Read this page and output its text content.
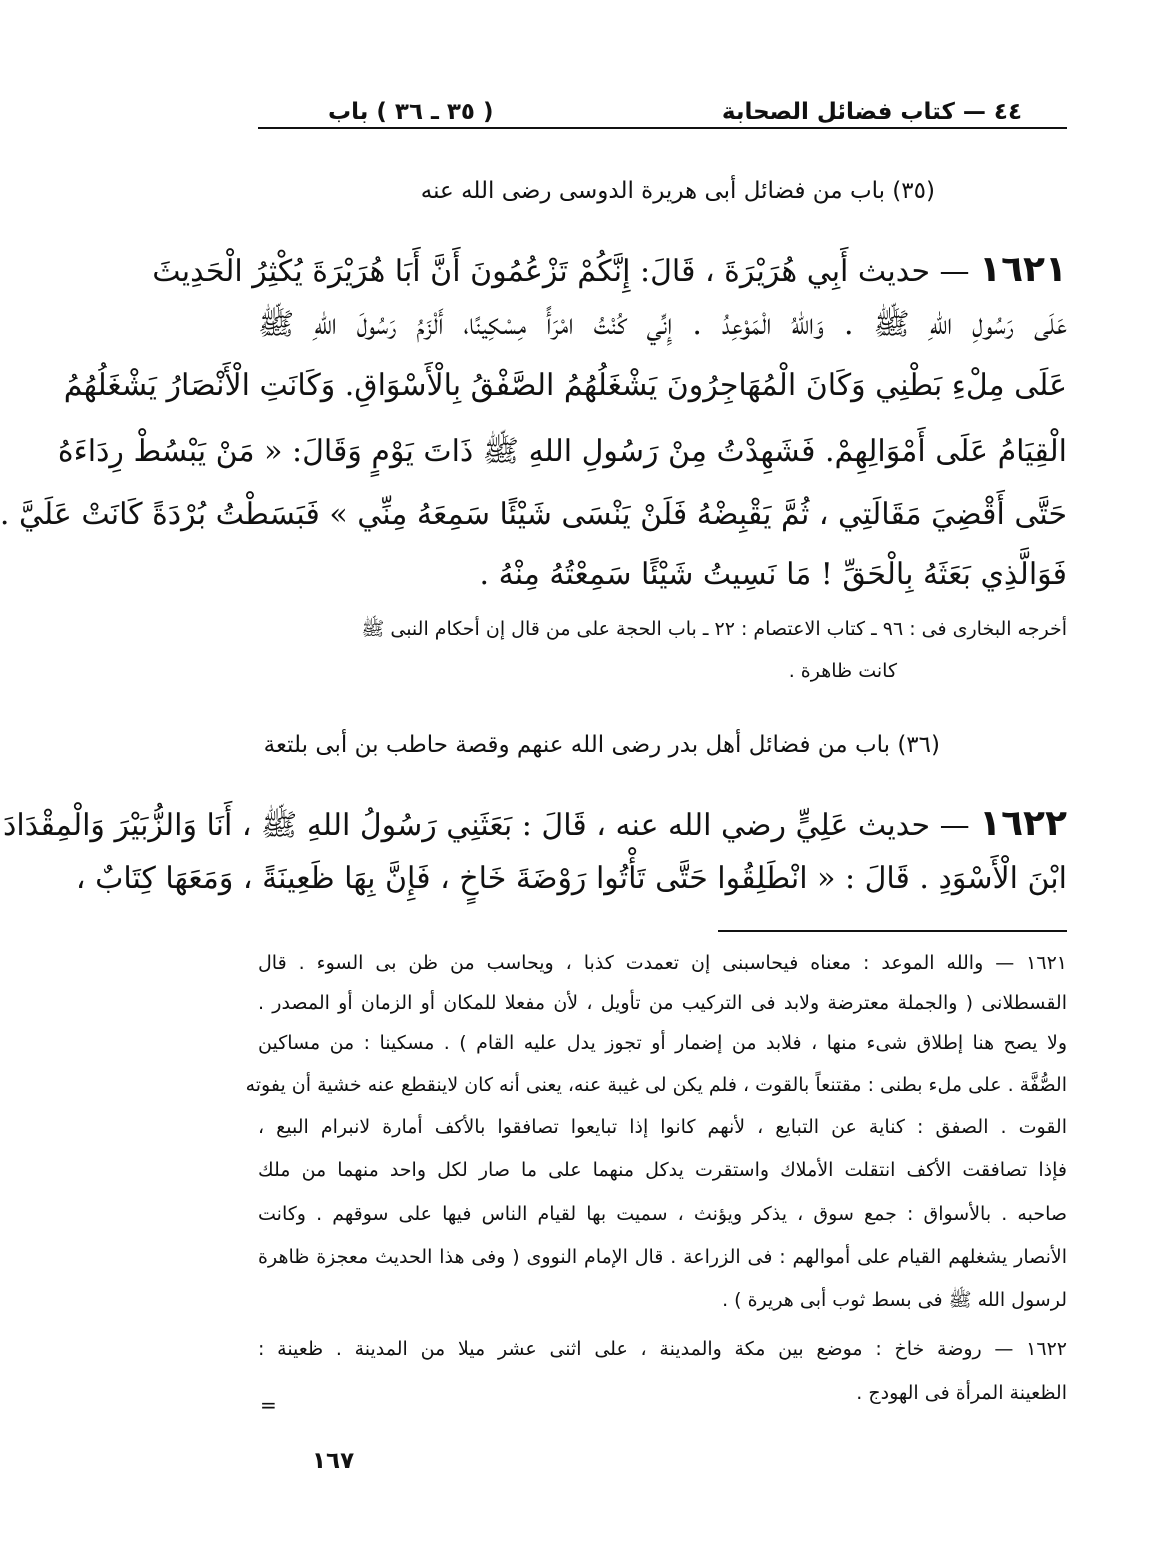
٤٤ — كتاب فضائل الصحابة
( ٣٥ ـ ٣٦ ) باب
(٣٥) باب من فضائل أبى هريرة الدوسى رضى الله عنه
١٦٢١ — حديث أَبِي هُرَيْرَةَ ، قَالَ: إِنَّكُمْ تَزْعُمُونَ أَنَّ أَبَا هُرَيْرَةَ يُكْثِرُ الْحَدِيثَ
عَلَى رَسُولِ اللهِ ﷺ . وَاللهُ الْمَوْعِدُ . إِنِّي كُنْتُ امْرَأً مِسْكِينًا، أَلْزَمُ رَسُولَ اللهِ ﷺ
عَلَى مِلْءِ بَطْنِي وَكَانَ الْمُهَاجِرُونَ يَشْغَلُهُمُ الصَّفْقُ بِالْأَسْوَاقِ. وَكَانَتِ الْأَنْصَارُ يَشْغَلُهُمُ
الْقِيَامُ عَلَى أَمْوَالِهِمْ. فَشَهِدْتُ مِنْ رَسُولِ اللهِ ﷺ ذَاتَ يَوْمٍ وَقَالَ: « مَنْ يَبْسُطْ رِدَاءَهُ
حَتَّى أَقْضِيَ مَقَالَتِي ، ثُمَّ يَقْبِضْهُ فَلَنْ يَنْسَى شَيْئًا سَمِعَهُ مِنِّي » فَبَسَطْتُ بُرْدَةً كَانَتْ عَلَيَّ .
فَوَالَّذِي بَعَثَهُ بِالْحَقِّ ! مَا نَسِيتُ شَيْئًا سَمِعْتُهُ مِنْهُ .
أخرجه البخارى فى : ٩٦ ـ كتاب الاعتصام : ٢٢ ـ باب الحجة على من قال إن أحكام النبى ﷺ
كانت ظاهرة .
(٣٦) باب من فضائل أهل بدر رضى الله عنهم وقصة حاطب بن أبى بلتعة
١٦٢٢ — حديث عَلِيٍّ رضي الله عنه ، قَالَ : بَعَثَنِي رَسُولُ اللهِ ﷺ ، أَنَا وَالزُّبَيْرَ وَالْمِقْدَادَ
ابْنَ الْأَسْوَدِ . قَالَ : « انْطَلِقُوا حَتَّى تَأْتُوا رَوْضَةَ خَاخٍ ، فَإِنَّ بِهَا ظَعِينَةً ، وَمَعَهَا كِتَابٌ ،
١٦٢١ — والله الموعد : معناه فيحاسبنى إن تعمدت كذبا ، ويحاسب من ظن بى السوء . قال
القسطلانى ( والجملة معترضة ولابد فى التركيب من تأويل ، لأن مفعلا للمكان أو الزمان أو المصدر .
ولا يصح هنا إطلاق شىء منها ، فلابد من إضمار أو تجوز يدل عليه القام ) . مسكينا : من مساكين
الصُّفَّة . على ملء بطنى : مقتنعاً بالقوت ، فلم يكن لى غيبة عنه، يعنى أنه كان لاينقطع عنه خشية أن يفوته
القوت . الصفق : كناية عن التبايع ، لأنهم كانوا إذا تبايعوا تصافقوا بالأكف أمارة لانبرام البيع ،
فإذا تصافقت الأكف انتقلت الأملاك واستقرت يدكل منهما على ما صار لكل واحد منهما من ملك
صاحبه . بالأسواق : جمع سوق ، يذكر ويؤنث ، سميت بها لقيام الناس فيها على سوقهم . وكانت
الأنصار يشغلهم القيام على أموالهم : فى الزراعة . قال الإمام النووى ( وفى هذا الحديث معجزة ظاهرة
لرسول الله ﷺ فى بسط ثوب أبى هريرة ) .
١٦٢٢ — روضة خاخ : موضع بين مكة والمدينة ، على اثنى عشر ميلا من المدينة . ظعينة :
الظعينة المرأة فى الهودج .
=
١٦٧
